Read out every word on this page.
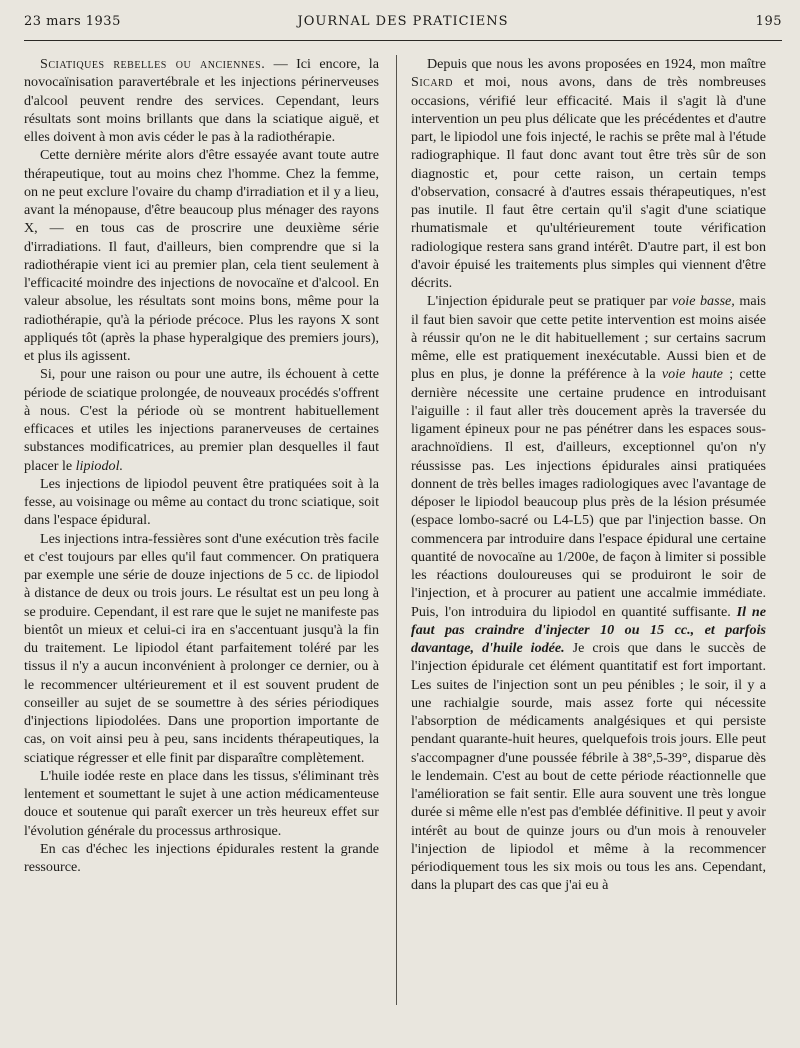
23 mars 1935	JOURNAL DES PRATICIENS	195

Sciatiques rebelles ou anciennes. — Ici encore, la novocaïnisation paravertébrale et les injections périnerveuses d'alcool peuvent rendre des services. Cependant, leurs résultats sont moins brillants que dans la sciatique aiguë, et elles doivent à mon avis céder le pas à la radiothérapie.

Cette dernière mérite alors d'être essayée avant toute autre thérapeutique, tout au moins chez l'homme. Chez la femme, on ne peut exclure l'ovaire du champ d'irradiation et il y a lieu, avant la ménopause, d'être beaucoup plus ménager des rayons X, — en tous cas de proscrire une deuxième série d'irradiations. Il faut, d'ailleurs, bien comprendre que si la radiothérapie vient ici au premier plan, cela tient seulement à l'efficacité moindre des injections de novocaïne et d'alcool. En valeur absolue, les résultats sont moins bons, même pour la radiothérapie, qu'à la période précoce. Plus les rayons X sont appliqués tôt (après la phase hyperalgique des premiers jours), et plus ils agissent.

Si, pour une raison ou pour une autre, ils échouent à cette période de sciatique prolongée, de nouveaux procédés s'offrent à nous. C'est la période où se montrent habituellement efficaces et utiles les injections paranerveuses de certaines substances modificatrices, au premier plan desquelles il faut placer le lipiodol.

Les injections de lipiodol peuvent être pratiquées soit à la fesse, au voisinage ou même au contact du tronc sciatique, soit dans l'espace épidural.

Les injections intra-fessières sont d'une exécution très facile et c'est toujours par elles qu'il faut commencer. On pratiquera par exemple une série de douze injections de 5 cc. de lipiodol à distance de deux ou trois jours. Le résultat est un peu long à se produire. Cependant, il est rare que le sujet ne manifeste pas bientôt un mieux et celui-ci ira en s'accentuant jusqu'à la fin du traitement. Le lipiodol étant parfaitement toléré par les tissus il n'y a aucun inconvénient à prolonger ce dernier, ou à le recommencer ultérieurement et il est souvent prudent de conseiller au sujet de se soumettre à des séries périodiques d'injections lipiodolées. Dans une proportion importante de cas, on voit ainsi peu à peu, sans incidents thérapeutiques, la sciatique régresser et elle finit par disparaître complètement.

L'huile iodée reste en place dans les tissus, s'éliminant très lentement et soumettant le sujet à une action médicamenteuse douce et soutenue qui paraît exercer un très heureux effet sur l'évolution générale du processus arthrosique.

En cas d'échec les injections épidurales restent la grande ressource.

Depuis que nous les avons proposées en 1924, mon maître Sicard et moi, nous avons, dans de très nombreuses occasions, vérifié leur efficacité. Mais il s'agit là d'une intervention un peu plus délicate que les précédentes et d'autre part, le lipiodol une fois injecté, le rachis se prête mal à l'étude radiographique. Il faut donc avant tout être très sûr de son diagnostic et, pour cette raison, un certain temps d'observation, consacré à d'autres essais thérapeutiques, n'est pas inutile. Il faut être certain qu'il s'agit d'une sciatique rhumatismale et qu'ultérieurement toute vérification radiologique restera sans grand intérêt. D'autre part, il est bon d'avoir épuisé les traitements plus simples qui viennent d'être décrits.

L'injection épidurale peut se pratiquer par voie basse, mais il faut bien savoir que cette petite intervention est moins aisée à réussir qu'on ne le dit habituellement ; sur certains sacrum même, elle est pratiquement inexécutable. Aussi bien et de plus en plus, je donne la préférence à la voie haute ; cette dernière nécessite une certaine prudence en introduisant l'aiguille : il faut aller très doucement après la traversée du ligament épineux pour ne pas pénétrer dans les espaces sous-arachnoïdiens. Il est, d'ailleurs, exceptionnel qu'on n'y réussisse pas. Les injections épidurales ainsi pratiquées donnent de très belles images radiologiques avec l'avantage de déposer le lipiodol beaucoup plus près de la lésion présumée (espace lombo-sacré ou L4-L5) que par l'injection basse. On commencera par introduire dans l'espace épidural une certaine quantité de novocaïne au 1/200e, de façon à limiter si possible les réactions douloureuses qui se produiront le soir de l'injection, et à procurer au patient une accalmie immédiate. Puis, l'on introduira du lipiodol en quantité suffisante. Il ne faut pas craindre d'injecter 10 ou 15 cc., et parfois davantage, d'huile iodée. Je crois que dans le succès de l'injection épidurale cet élément quantitatif est fort important. Les suites de l'injection sont un peu pénibles ; le soir, il y a une rachialgie sourde, mais assez forte qui nécessite l'absorption de médicaments analgésiques et qui persiste pendant quarante-huit heures, quelquefois trois jours. Elle peut s'accompagner d'une poussée fébrile à 38°,5-39°, disparue dès le lendemain. C'est au bout de cette période réactionnelle que l'amélioration se fait sentir. Elle aura souvent une très longue durée si même elle n'est pas d'emblée définitive. Il peut y avoir intérêt au bout de quinze jours ou d'un mois à renouveler l'injection de lipiodol et même à la recommencer périodiquement tous les six mois ou tous les ans. Cependant, dans la plupart des cas que j'ai eu à
